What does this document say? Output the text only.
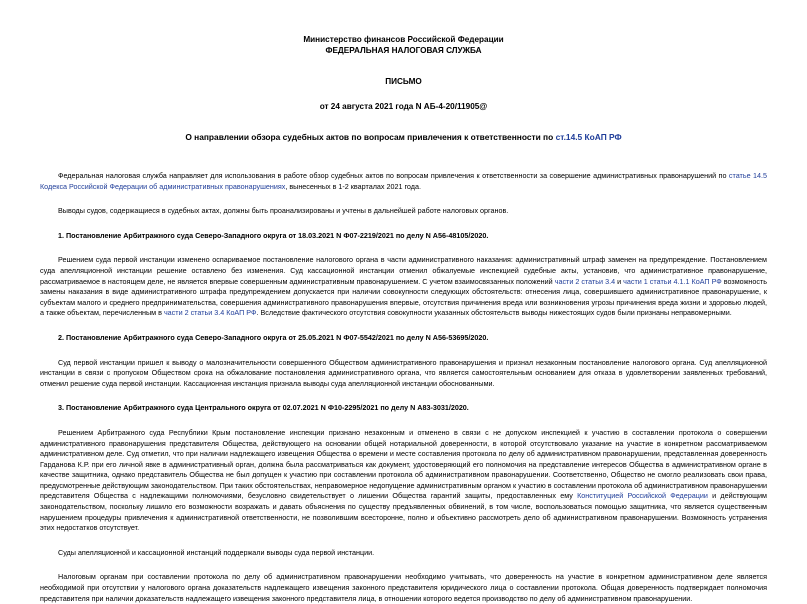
Министерство финансов Российской Федерации
ФЕДЕРАЛЬНАЯ НАЛОГОВАЯ СЛУЖБА
ПИСЬМО
от 24 августа 2021 года N АБ-4-20/11905@
О направлении обзора судебных актов по вопросам привлечения к ответственности по ст.14.5 КоАП РФ

Федеральная налоговая служба направляет для использования в работе обзор судебных актов по вопросам привлечения к ответственности за совершение административных правонарушений по статье 14.5 Кодекса Российской Федерации об административных правонарушениях, вынесенных в 1-2 кварталах 2021 года.

Выводы судов, содержащиеся в судебных актах, должны быть проанализированы и учтены в дальнейшей работе налоговых органов.

1. Постановление Арбитражного суда Северо-Западного округа от 18.03.2021 N Ф07-2219/2021 по делу N А56-48105/2020.

Решением суда первой инстанции изменено оспариваемое постановление налогового органа в части административного наказания: административный штраф заменен на предупреждение. Постановлением суда апелляционной инстанции решение оставлено без изменения. Суд кассационной инстанции отменил обжалуемые инспекцией судебные акты, установив, что административное правонарушение, рассматриваемое в настоящем деле, не является впервые совершенным административным правонарушением. С учетом взаимосвязанных положений части 2 статьи 3.4 и части 1 статьи 4.1.1 КоАП РФ возможность замены наказания в виде административного штрафа предупреждением допускается при наличии совокупности следующих обстоятельств: отнесения лица, совершившего административное правонарушение, к субъектам малого и среднего предпринимательства, совершения административного правонарушения впервые, отсутствия причинения вреда или возникновения угрозы причинения вреда жизни и здоровью людей, а также объектам, перечисленным в части 2 статьи 3.4 КоАП РФ. Вследствие фактического отсутствия совокупности указанных обстоятельств выводы нижестоящих судов были признаны неправомерными.

2. Постановление Арбитражного суда Северо-Западного округа от 25.05.2021 N Ф07-5542/2021 по делу N А56-53695/2020.

Суд первой инстанции пришел к выводу о малозначительности совершенного Обществом административного правонарушения и признал незаконным постановление налогового органа. Суд апелляционной инстанции в связи с пропуском Обществом срока на обжалование постановления административного органа, что является самостоятельным основанием для отказа в удовлетворении заявленных требований, отменил решение суда первой инстанции. Кассационная инстанция признала выводы суда апелляционной инстанции обоснованными.

3. Постановление Арбитражного суда Центрального округа от 02.07.2021 N Ф10-2295/2021 по делу N А83-3031/2020.

Решением Арбитражного суда Республики Крым постановление инспекции признано незаконным и отменено в связи с не допуском инспекцией к участию в составлении протокола о совершении административного правонарушения представителя Общества, действующего на основании общей нотариальной доверенности, в которой отсутствовало указание на участие в конкретном рассматриваемом административном деле. Суд отметил, что при наличии надлежащего извещения Общества о времени и месте составления протокола по делу об административном правонарушении, представленная доверенность Гарданова К.Р. при его личной явке в административный орган, должна была рассматриваться как документ, удостоверяющий его полномочия на представление интересов Общества в административном органе в качестве защитника, однако представитель Общества не был допущен к участию при составлении протокола об административном правонарушении. Соответственно, Общество не смогло реализовать свои права, предусмотренные действующим законодательством. При таких обстоятельствах, неправомерное недопущение административным органом к участию в составлении протокола об административном правонарушении представителя Общества с надлежащими полномочиями, безусловно свидетельствует о лишении Общества гарантий защиты, предоставленных ему Конституцией Российской Федерации и действующим законодательством, поскольку лишило его возможности возражать и давать объяснения по существу предъявленных обвинений, в том числе, воспользоваться помощью защитника, что является существенным нарушением процедуры привлечения к административной ответственности, не позволившим всесторонне, полно и объективно рассмотреть дело об административном правонарушении. Возможность устранения этих недостатков отсутствует.

Суды апелляционной и кассационной инстанций поддержали выводы суда первой инстанции.

Налоговым органам при составлении протокола по делу об административном правонарушении необходимо учитывать, что доверенность на участие в конкретном административном деле является необходимой при отсутствии у налогового органа доказательств надлежащего извещения законного представителя юридического лица о составлении протокола. Общая доверенность подтверждает полномочия представителя при наличии доказательств надлежащего извещения законного представителя лица, в отношении которого ведется производство по делу об административном правонарушении.
